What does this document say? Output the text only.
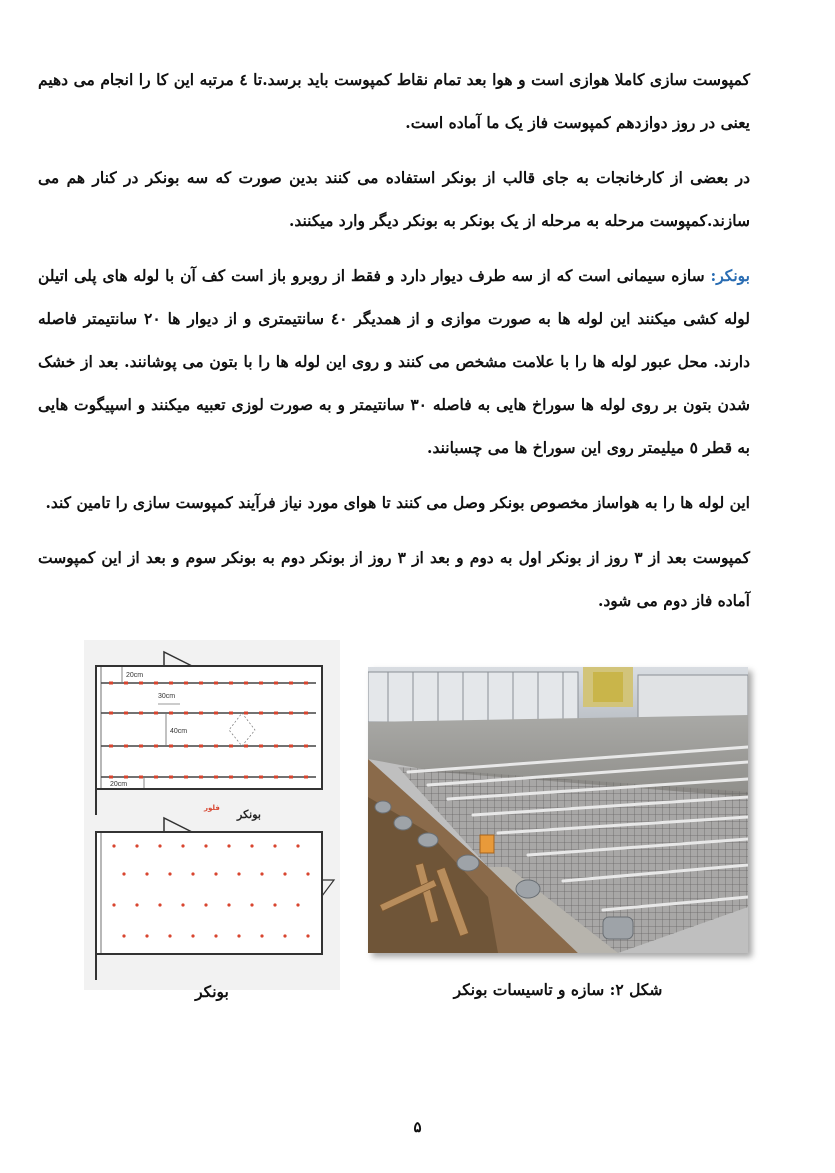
کمپوست سازی کاملا هوازی است و هوا بعد تمام نقاط کمپوست باید برسد.تا ٤ مرتبه این کا را انجام می دهیم یعنی در روز دوازدهم کمپوست فاز یک ما آماده است.

در بعضی از کارخانجات به جای قالب از بونکر استفاده می کنند بدین صورت که سه بونکر در کنار هم می سازند.کمپوست مرحله به مرحله از یک بونکر به بونکر دیگر وارد میکنند.

بونکر: سازه سیمانی است که از سه طرف دیوار دارد و فقط از روبرو باز است کف آن با لوله های پلی اتیلن لوله کشی میکنند این لوله ها به صورت موازی و از همدیگر ٤٠ سانتیمتری و از دیوار ها ٢٠ سانتیمتر فاصله دارند. محل عبور لوله ها را با علامت مشخص می کنند و روی این لوله ها را با بتون می پوشانند. بعد از خشک شدن بتون بر روی لوله ها سوراخ هایی به فاصله ٣٠ سانتیمتر و به صورت لوزی تعبیه میکنند و اسپیگوت هایی به قطر ٥ میلیمتر روی این سوراخ ها می چسبانند.

این لوله ها را به هواساز مخصوص بونکر وصل می کنند تا هوای مورد نیاز فرآیند کمپوست سازی را تامین کند.

کمپوست بعد از ٣ روز از بونکر اول به دوم و بعد از ٣ روز از بونکر دوم به بونکر سوم و بعد از این کمپوست آماده فاز دوم می شود.

20cm
30cm
40cm
20cm
بونکر
فلور
بونکر	شکل ۲: سازه و تاسیسات بونکر
۵
